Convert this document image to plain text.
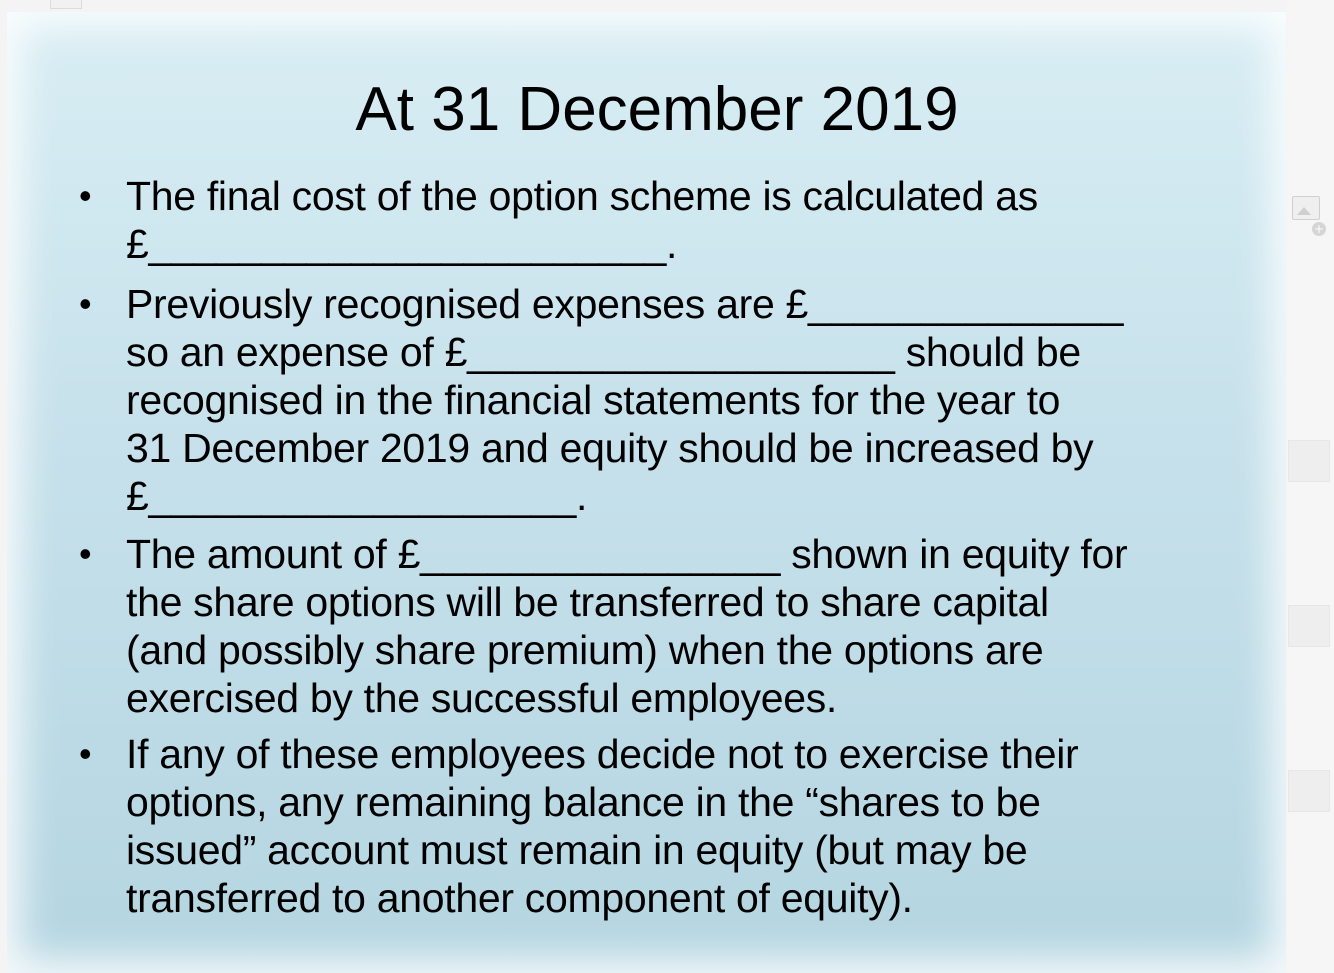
+
At 31 December 2019
• The final cost of the option scheme is calculated as
£_______________________.
• Previously recognised expenses are £______________
so an expense of £___________________ should be
recognised in the financial statements for the year to
31 December 2019 and equity should be increased by
£___________________.
• The amount of £________________ shown in equity for
the share options will be transferred to share capital
(and possibly share premium) when the options are
exercised by the successful employees.
• If any of these employees decide not to exercise their
options, any remaining balance in the “shares to be
issued” account must remain in equity (but may be
transferred to another component of equity).
